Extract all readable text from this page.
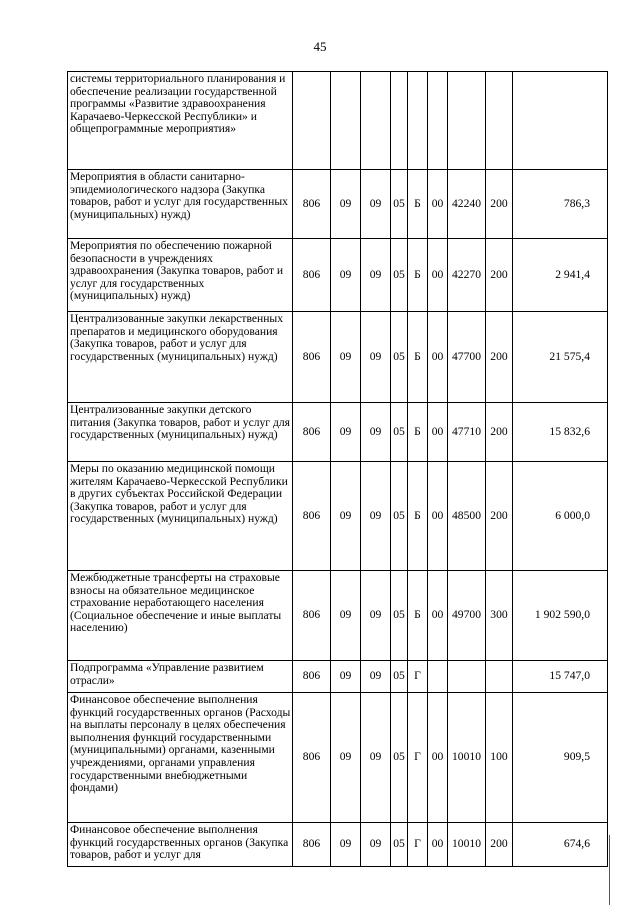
45
системы территориального планирования и обеспечение реализации государственной программы «Развитие здравоохранения Карачаево-Черкесской Республики» и общепрограммные мероприятия»									
Мероприятия в области санитарно-эпидемиологического надзора (Закупка товаров, работ и услуг для государственных (муниципальных) нужд)	806	09	09	05	Б	00	42240	200	786,3
Мероприятия по обеспечению пожарной безопасности в учреждениях здравоохранения (Закупка товаров, работ и услуг для государственных (муниципальных) нужд)	806	09	09	05	Б	00	42270	200	2 941,4
Централизованные закупки лекарственных препаратов и медицинского оборудования (Закупка товаров, работ и услуг для государственных (муниципальных) нужд)	806	09	09	05	Б	00	47700	200	21 575,4
Централизованные закупки детского питания (Закупка товаров, работ и услуг для государственных (муниципальных) нужд)	806	09	09	05	Б	00	47710	200	15 832,6
Меры по оказанию медицинской помощи жителям Карачаево-Черкесской Республики в других субъектах Российской Федерации (Закупка товаров, работ и услуг для государственных (муниципальных) нужд)	806	09	09	05	Б	00	48500	200	6 000,0
Межбюджетные трансферты на страховые взносы на обязательное медицинское страхование неработающего населения (Социальное обеспечение и иные выплаты населению)	806	09	09	05	Б	00	49700	300	1 902 590,0
Подпрограмма «Управление развитием отрасли»	806	09	09	05	Г				15 747,0
Финансовое обеспечение выполнения функций государственных органов (Расходы на выплаты персоналу в целях обеспечения выполнения функций государственными (муниципальными) органами, казенными учреждениями, органами управления государственными внебюджетными фондами)	806	09	09	05	Г	00	10010	100	909,5
Финансовое обеспечение выполнения функций государственных органов (Закупка товаров, работ и услуг для	806	09	09	05	Г	00	10010	200	674,6
